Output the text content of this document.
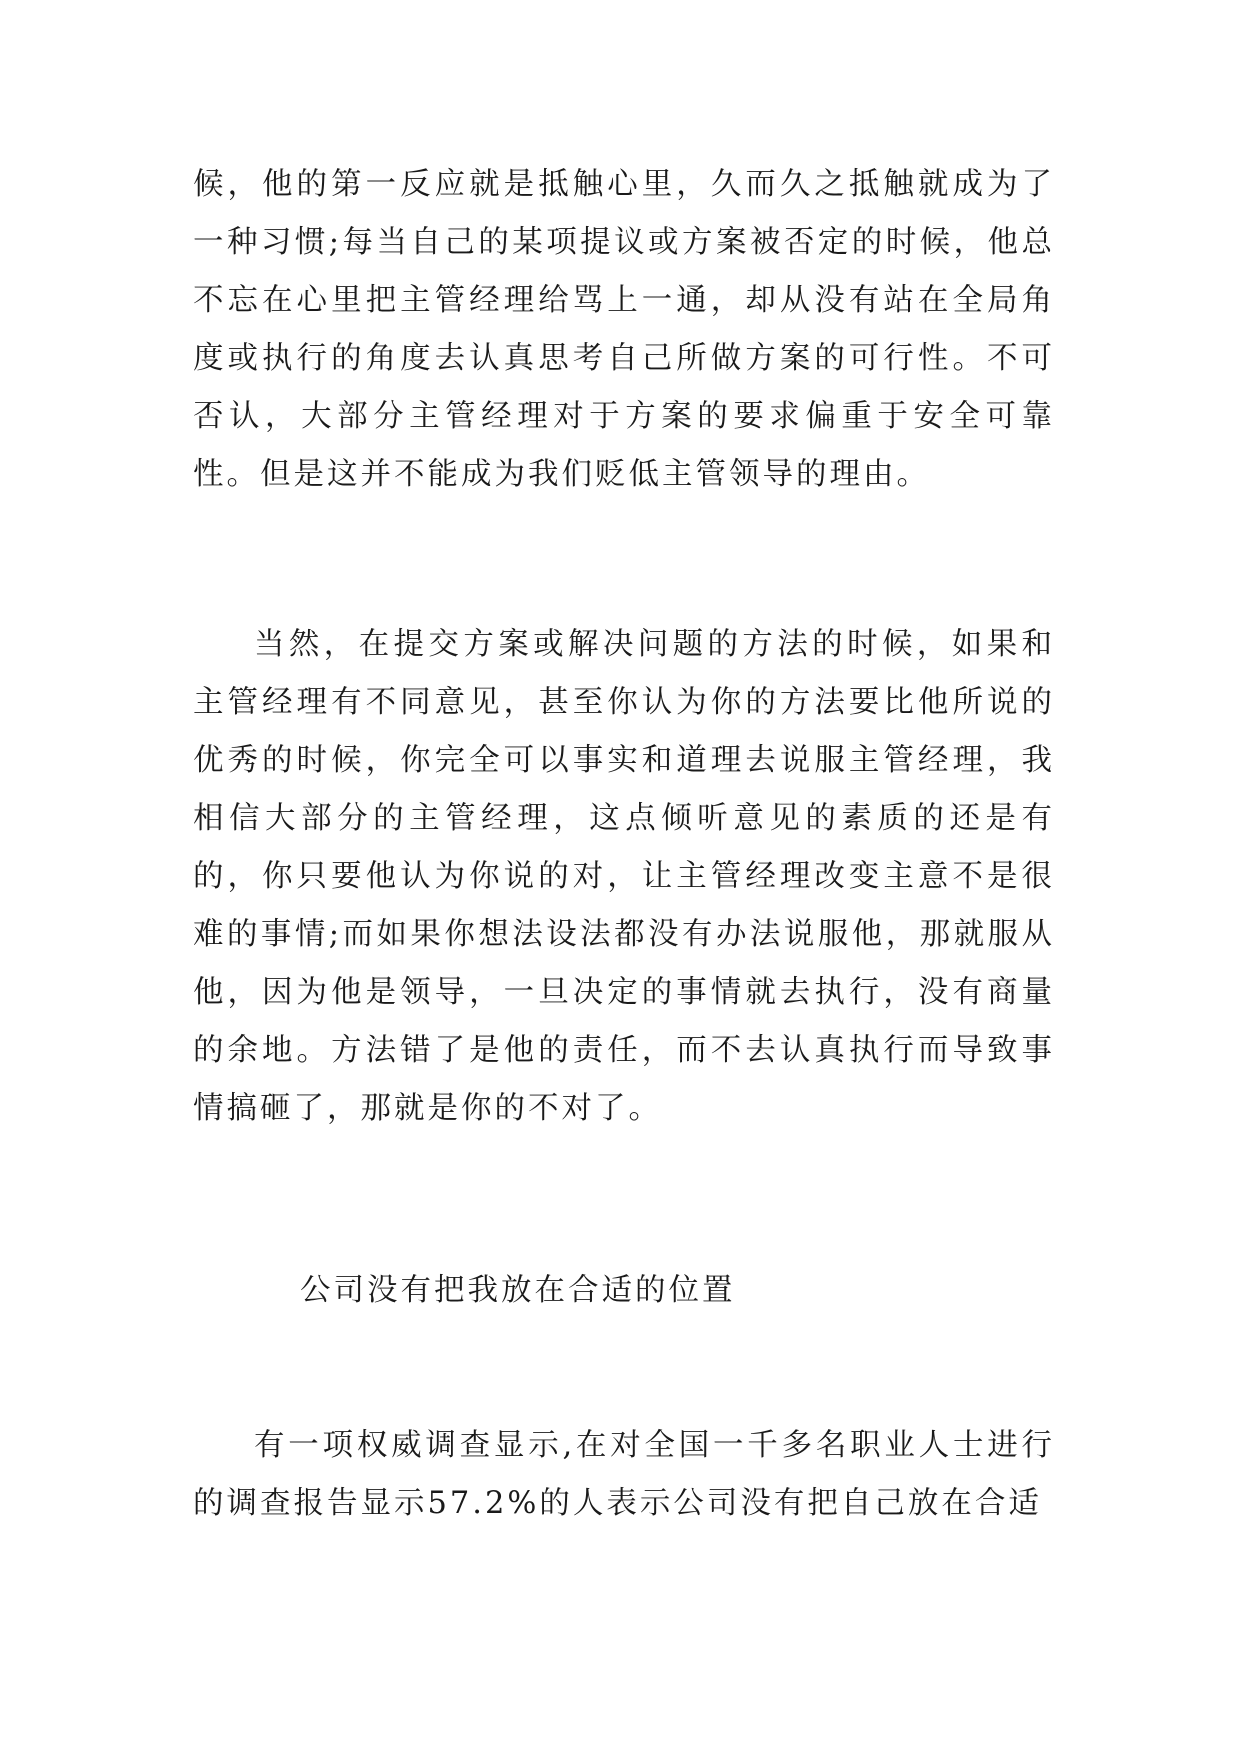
候，他的第一反应就是抵触心里，久而久之抵触就成为了一种习惯;每当自己的某项提议或方案被否定的时候，他总不忘在心里把主管经理给骂上一通，却从没有站在全局角度或执行的角度去认真思考自己所做方案的可行性。不可否认，大部分主管经理对于方案的要求偏重于安全可靠性。但是这并不能成为我们贬低主管领导的理由。

当然，在提交方案或解决问题的方法的时候，如果和主管经理有不同意见，甚至你认为你的方法要比他所说的优秀的时候，你完全可以事实和道理去说服主管经理，我相信大部分的主管经理，这点倾听意见的素质的还是有的，你只要他认为你说的对，让主管经理改变主意不是很难的事情;而如果你想法设法都没有办法说服他，那就服从他，因为他是领导，一旦决定的事情就去执行，没有商量的余地。方法错了是他的责任，而不去认真执行而导致事情搞砸了，那就是你的不对了。

公司没有把我放在合适的位置

有一项权威调查显示,在对全国一千多名职业人士进行的调查报告显示57.2%的人表示公司没有把自己放在合适
